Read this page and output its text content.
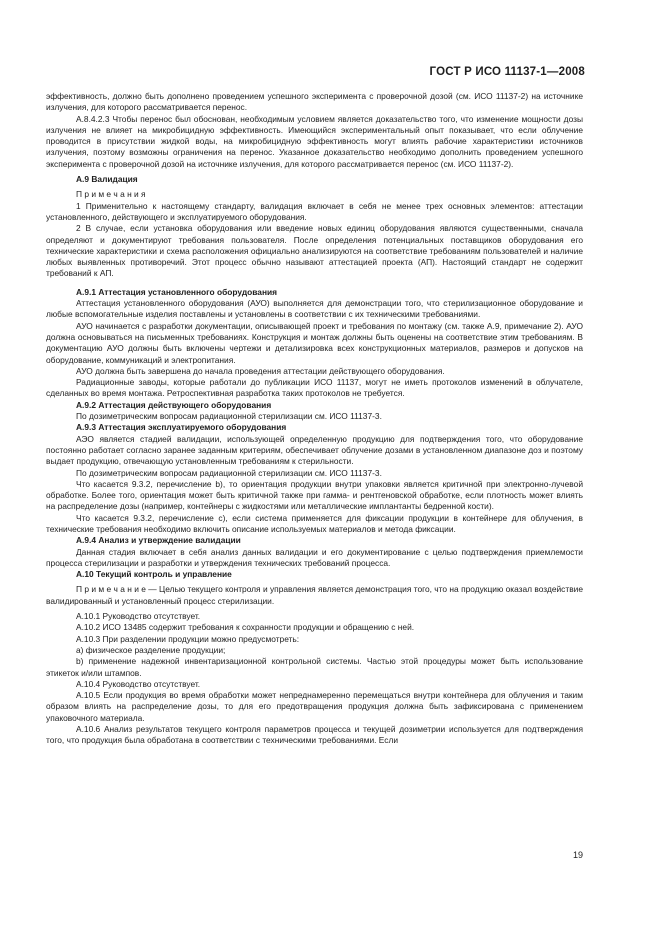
ГОСТ Р ИСО 11137-1—2008

эффективность, должно быть дополнено проведением успешного эксперимента с проверочной дозой (см. ИСО 11137-2) на источнике излучения, для которого рассматривается перенос.

A.8.4.2.3 Чтобы перенос был обоснован, необходимым условием является доказательство того, что изменение мощности дозы излучения не влияет на микробицидную эффективность. Имеющийся экспериментальный опыт показывает, что если облучение проводится в присутствии жидкой воды, на микробицидную эффективность могут влиять рабочие характеристики источников излучения, поэтому возможны ограничения на перенос. Указанное доказательство необходимо дополнить проведением успешного эксперимента с проверочной дозой на источнике излучения, для которого рассматривается перенос (см. ИСО 11137-2).

A.9 Валидация

П р и м е ч а н и я

1 Применительно к настоящему стандарту, валидация включает в себя не менее трех основных элементов: аттестации установленного, действующего и эксплуатируемого оборудования.

2 В случае, если установка оборудования или введение новых единиц оборудования являются существенными, сначала определяют и документируют требования пользователя. После определения потенциальных поставщиков оборудования его технические характеристики и схема расположения официально анализируются на соответствие требованиям пользователей и наличие любых выявленных противоречий. Этот процесс обычно называют аттестацией проекта (АП). Настоящий стандарт не содержит требований к АП.

A.9.1 Аттестация установленного оборудования

Аттестация установленного оборудования (АУО) выполняется для демонстрации того, что стерилизационное оборудование и любые вспомогательные изделия поставлены и установлены в соответствии с их техническими требованиями.

АУО начинается с разработки документации, описывающей проект и требования по монтажу (см. также А.9, примечание 2). АУО должна основываться на письменных требованиях. Конструкция и монтаж должны быть оценены на соответствие этим требованиям. В документацию АУО должны быть включены чертежи и детализировка всех конструкционных материалов, размеров и допусков на оборудование, коммуникаций и электропитания.

АУО должна быть завершена до начала проведения аттестации действующего оборудования.

Радиационные заводы, которые работали до публикации ИСО 11137, могут не иметь протоколов изменений в облучателе, сделанных во время монтажа. Ретроспективная разработка таких протоколов не требуется.

A.9.2 Аттестация действующего оборудования

По дозиметрическим вопросам радиационной стерилизации см. ИСО 11137-3.

A.9.3 Аттестация эксплуатируемого оборудования

АЭО является стадией валидации, использующей определенную продукцию для подтверждения того, что оборудование постоянно работает согласно заранее заданным критериям, обеспечивает облучение дозами в установленном диапазоне доз и поэтому выдает продукцию, отвечающую установленным требованиям к стерильности.

По дозиметрическим вопросам радиационной стерилизации см. ИСО 11137-3.

Что касается 9.3.2, перечисление b), то ориентация продукции внутри упаковки является критичной при электронно-лучевой обработке. Более того, ориентация может быть критичной также при гамма- и рентгеновской обработке, если плотность может влиять на распределение дозы (например, контейнеры с жидкостями или металлические имплантанты бедренной кости).

Что касается 9.3.2, перечисление c), если система применяется для фиксации продукции в контейнере для облучения, в технические требования необходимо включить описание используемых материалов и метода фиксации.

A.9.4 Анализ и утверждение валидации

Данная стадия включает в себя анализ данных валидации и его документирование с целью подтверждения приемлемости процесса стерилизации и разработки и утверждения технических требований процесса.

A.10 Текущий контроль и управление

П р и м е ч а н и е — Целью текущего контроля и управления является демонстрация того, что на продукцию оказал воздействие валидированный и установленный процесс стерилизации.

A.10.1 Руководство отсутствует.

A.10.2 ИСО 13485 содержит требования к сохранности продукции и обращению с ней.

A.10.3 При разделении продукции можно предусмотреть:

a) физическое разделение продукции;

b) применение надежной инвентаризационной контрольной системы. Частью этой процедуры может быть использование этикеток и/или штампов.

A.10.4 Руководство отсутствует.

A.10.5 Если продукция во время обработки может непреднамеренно перемещаться внутри контейнера для облучения и таким образом влиять на распределение дозы, то для его предотвращения продукция должна быть зафиксирована с применением упаковочного материала.

A.10.6 Анализ результатов текущего контроля параметров процесса и текущей дозиметрии используется для подтверждения того, что продукция была обработана в соответствии с техническими требованиями. Если

19
